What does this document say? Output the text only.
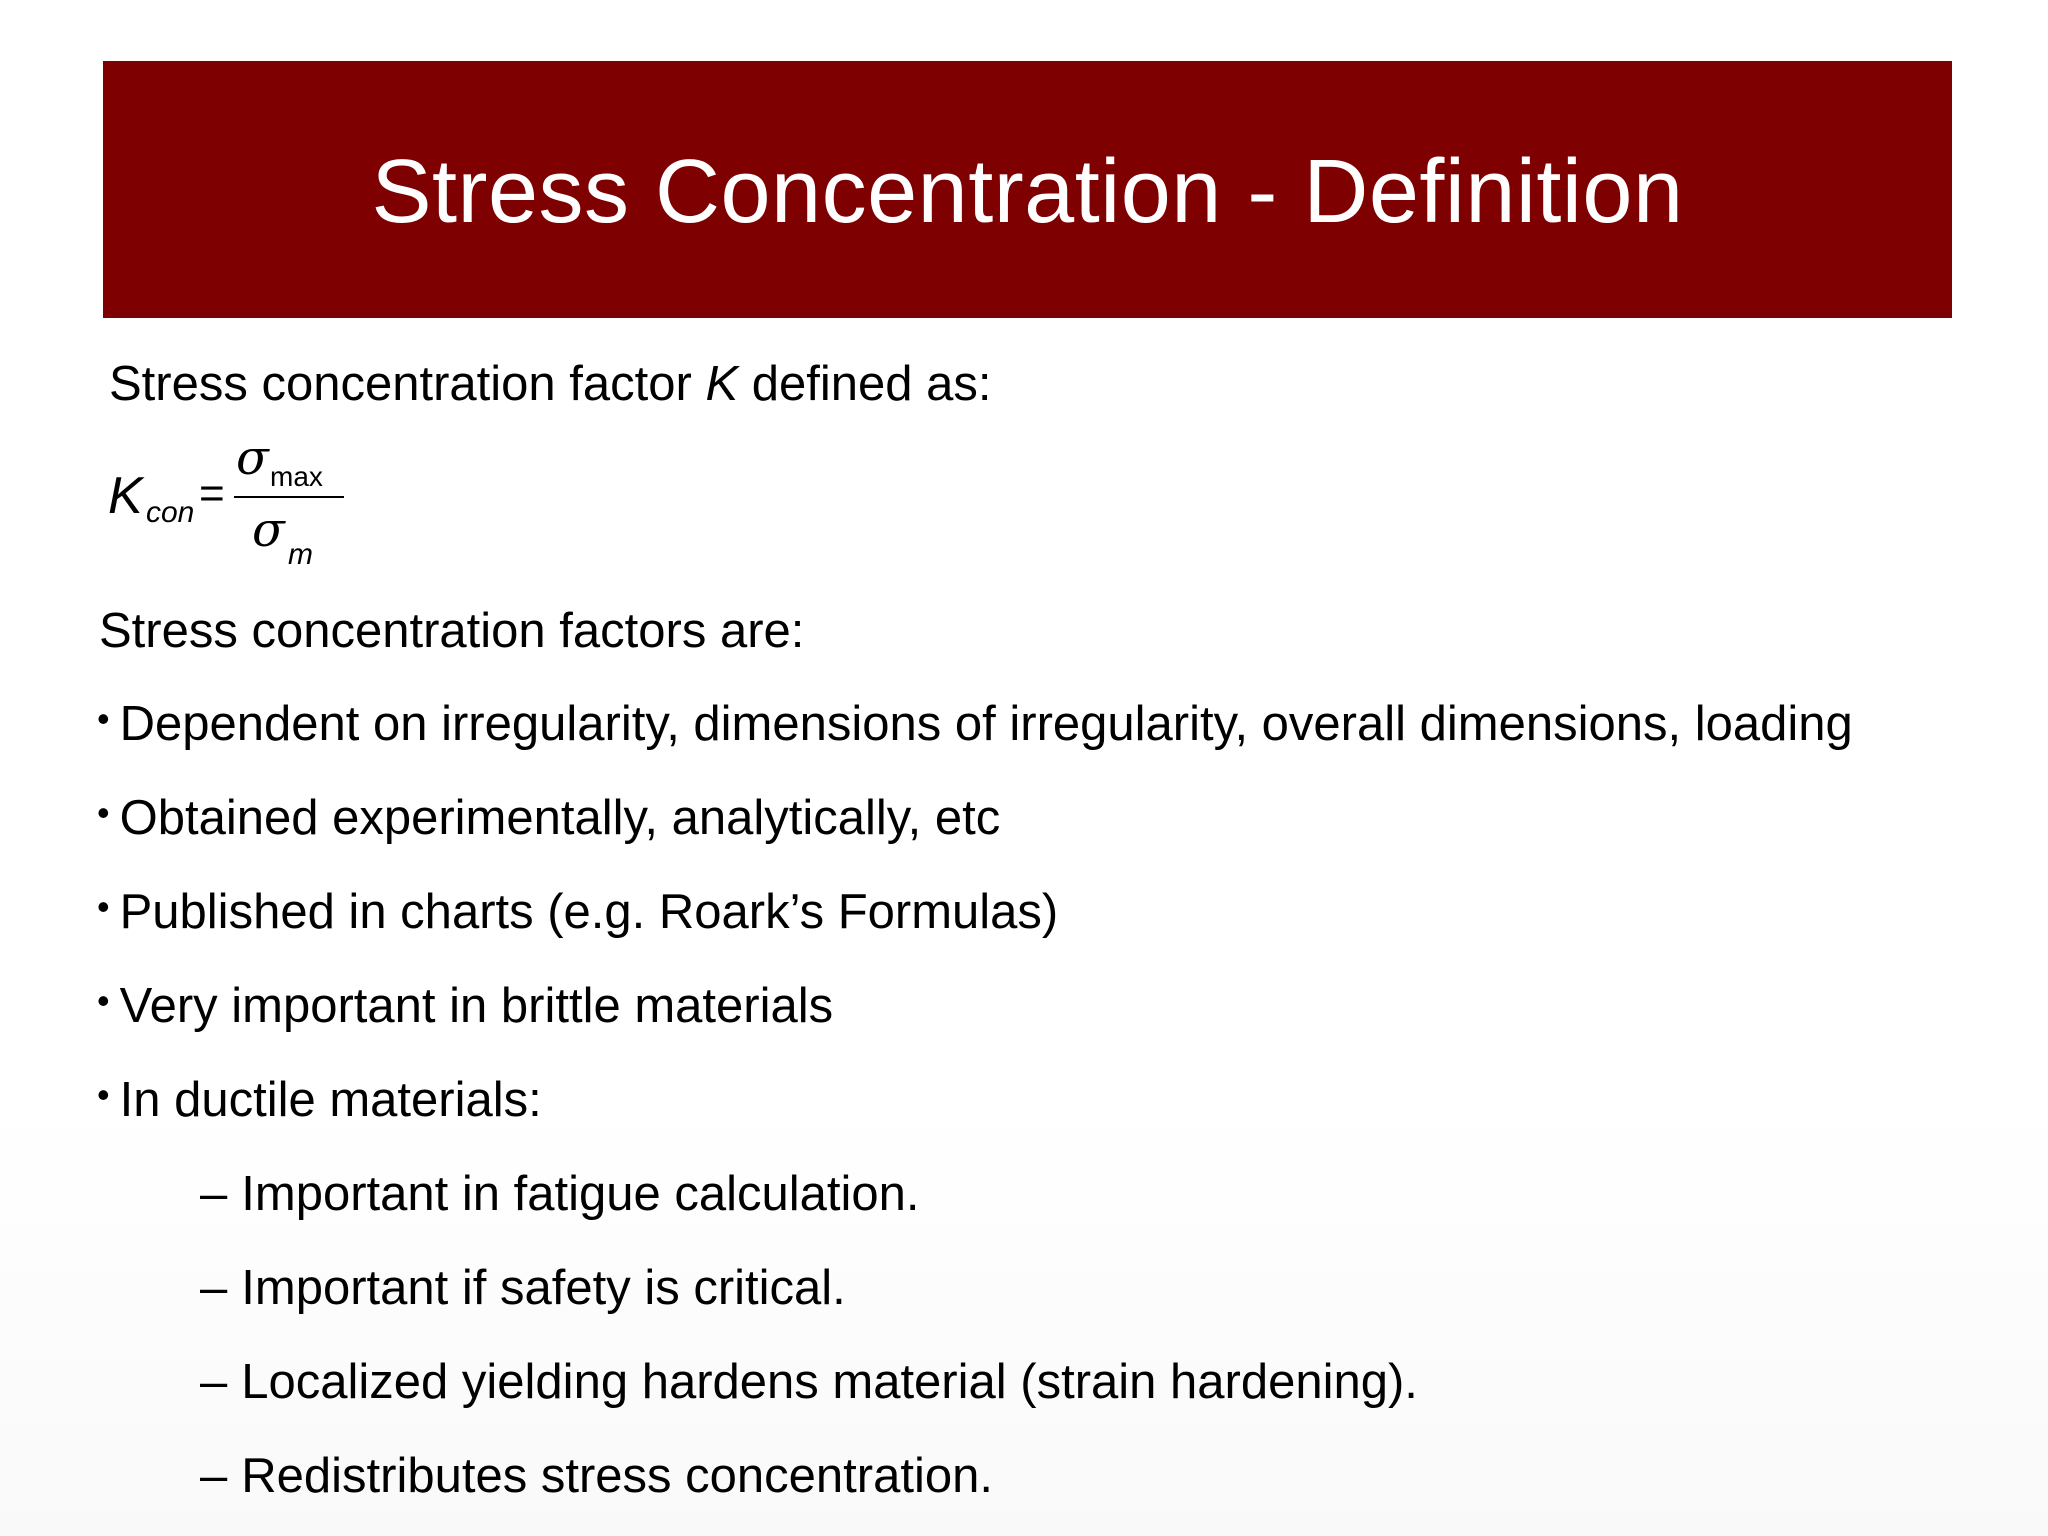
Stress Concentration - Definition
Stress concentration factor K defined as:
K con =
σ max
σ m
Stress concentration factors are:
• Dependent on irregularity, dimensions of irregularity, overall dimensions, loading
• Obtained experimentally, analytically, etc
• Published in charts (e.g. Roark’s Formulas)
• Very important in brittle materials
• In ductile materials:
– Important in fatigue calculation.
– Important if safety is critical.
– Localized yielding hardens material (strain hardening).
– Redistributes stress concentration.
